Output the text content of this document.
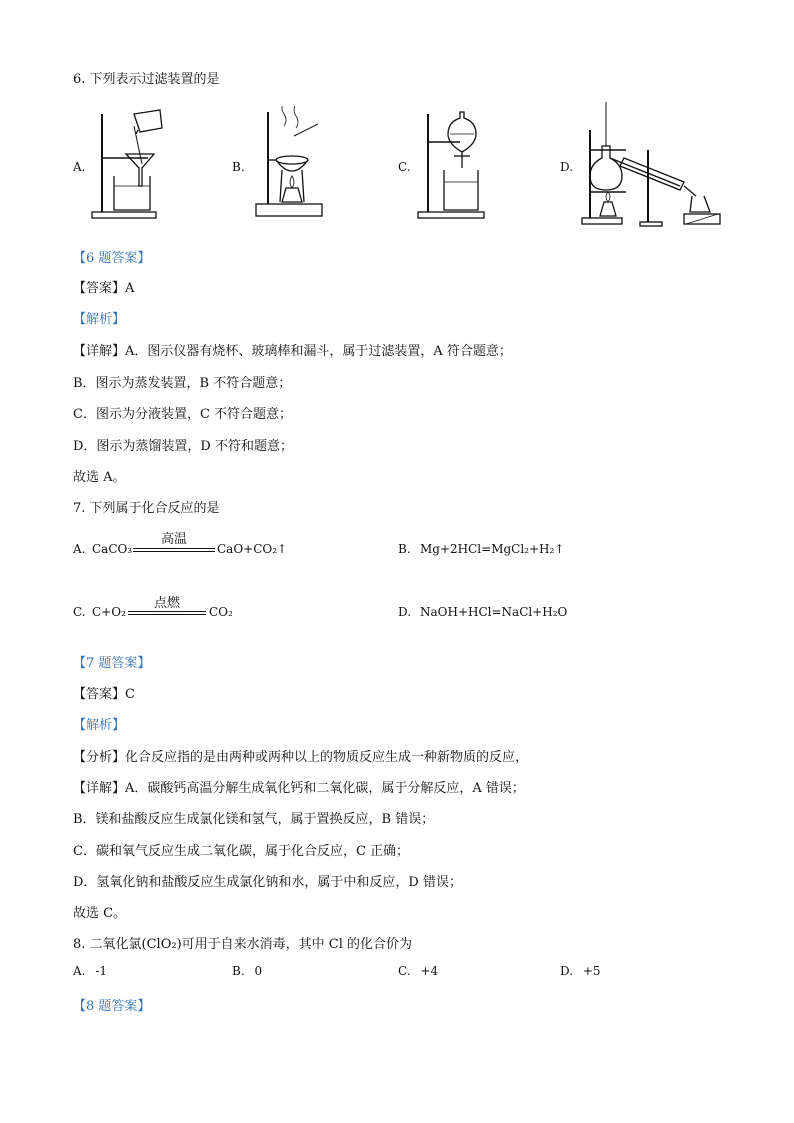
6. 下列表示过滤装置的是
A.	B.	C.	D.
【6 题答案】
【答案】A
【解析】
【详解】A．图示仪器有烧杯、玻璃棒和漏斗，属于过滤装置，A 符合题意；
B．图示为蒸发装置，B 不符合题意；
C．图示为分液装置，C 不符合题意；
D．图示为蒸馏装置，D 不符和题意；
故选 A。
7. 下列属于化合反应的是
A. CaCO₃
高温
CaO+CO₂↑	B. Mg+2HCl=MgCl₂+H₂↑
C. C+O₂
点燃
CO₂	D. NaOH+HCl=NaCl+H₂O
【7 题答案】
【答案】C
【解析】
【分析】化合反应指的是由两种或两种以上的物质反应生成一种新物质的反应，
【详解】A．碳酸钙高温分解生成氧化钙和二氧化碳，属于分解反应，A 错误；
B．镁和盐酸反应生成氯化镁和氢气，属于置换反应，B 错误；
C．碳和氧气反应生成二氧化碳，属于化合反应，C 正确；
D．氢氧化钠和盐酸反应生成氯化钠和水，属于中和反应，D 错误；
故选 C。
8. 二氧化氯(ClO₂)可用于自来水消毒，其中 Cl 的化合价为
A. -1	B. 0	C. +4	D. +5
【8 题答案】
